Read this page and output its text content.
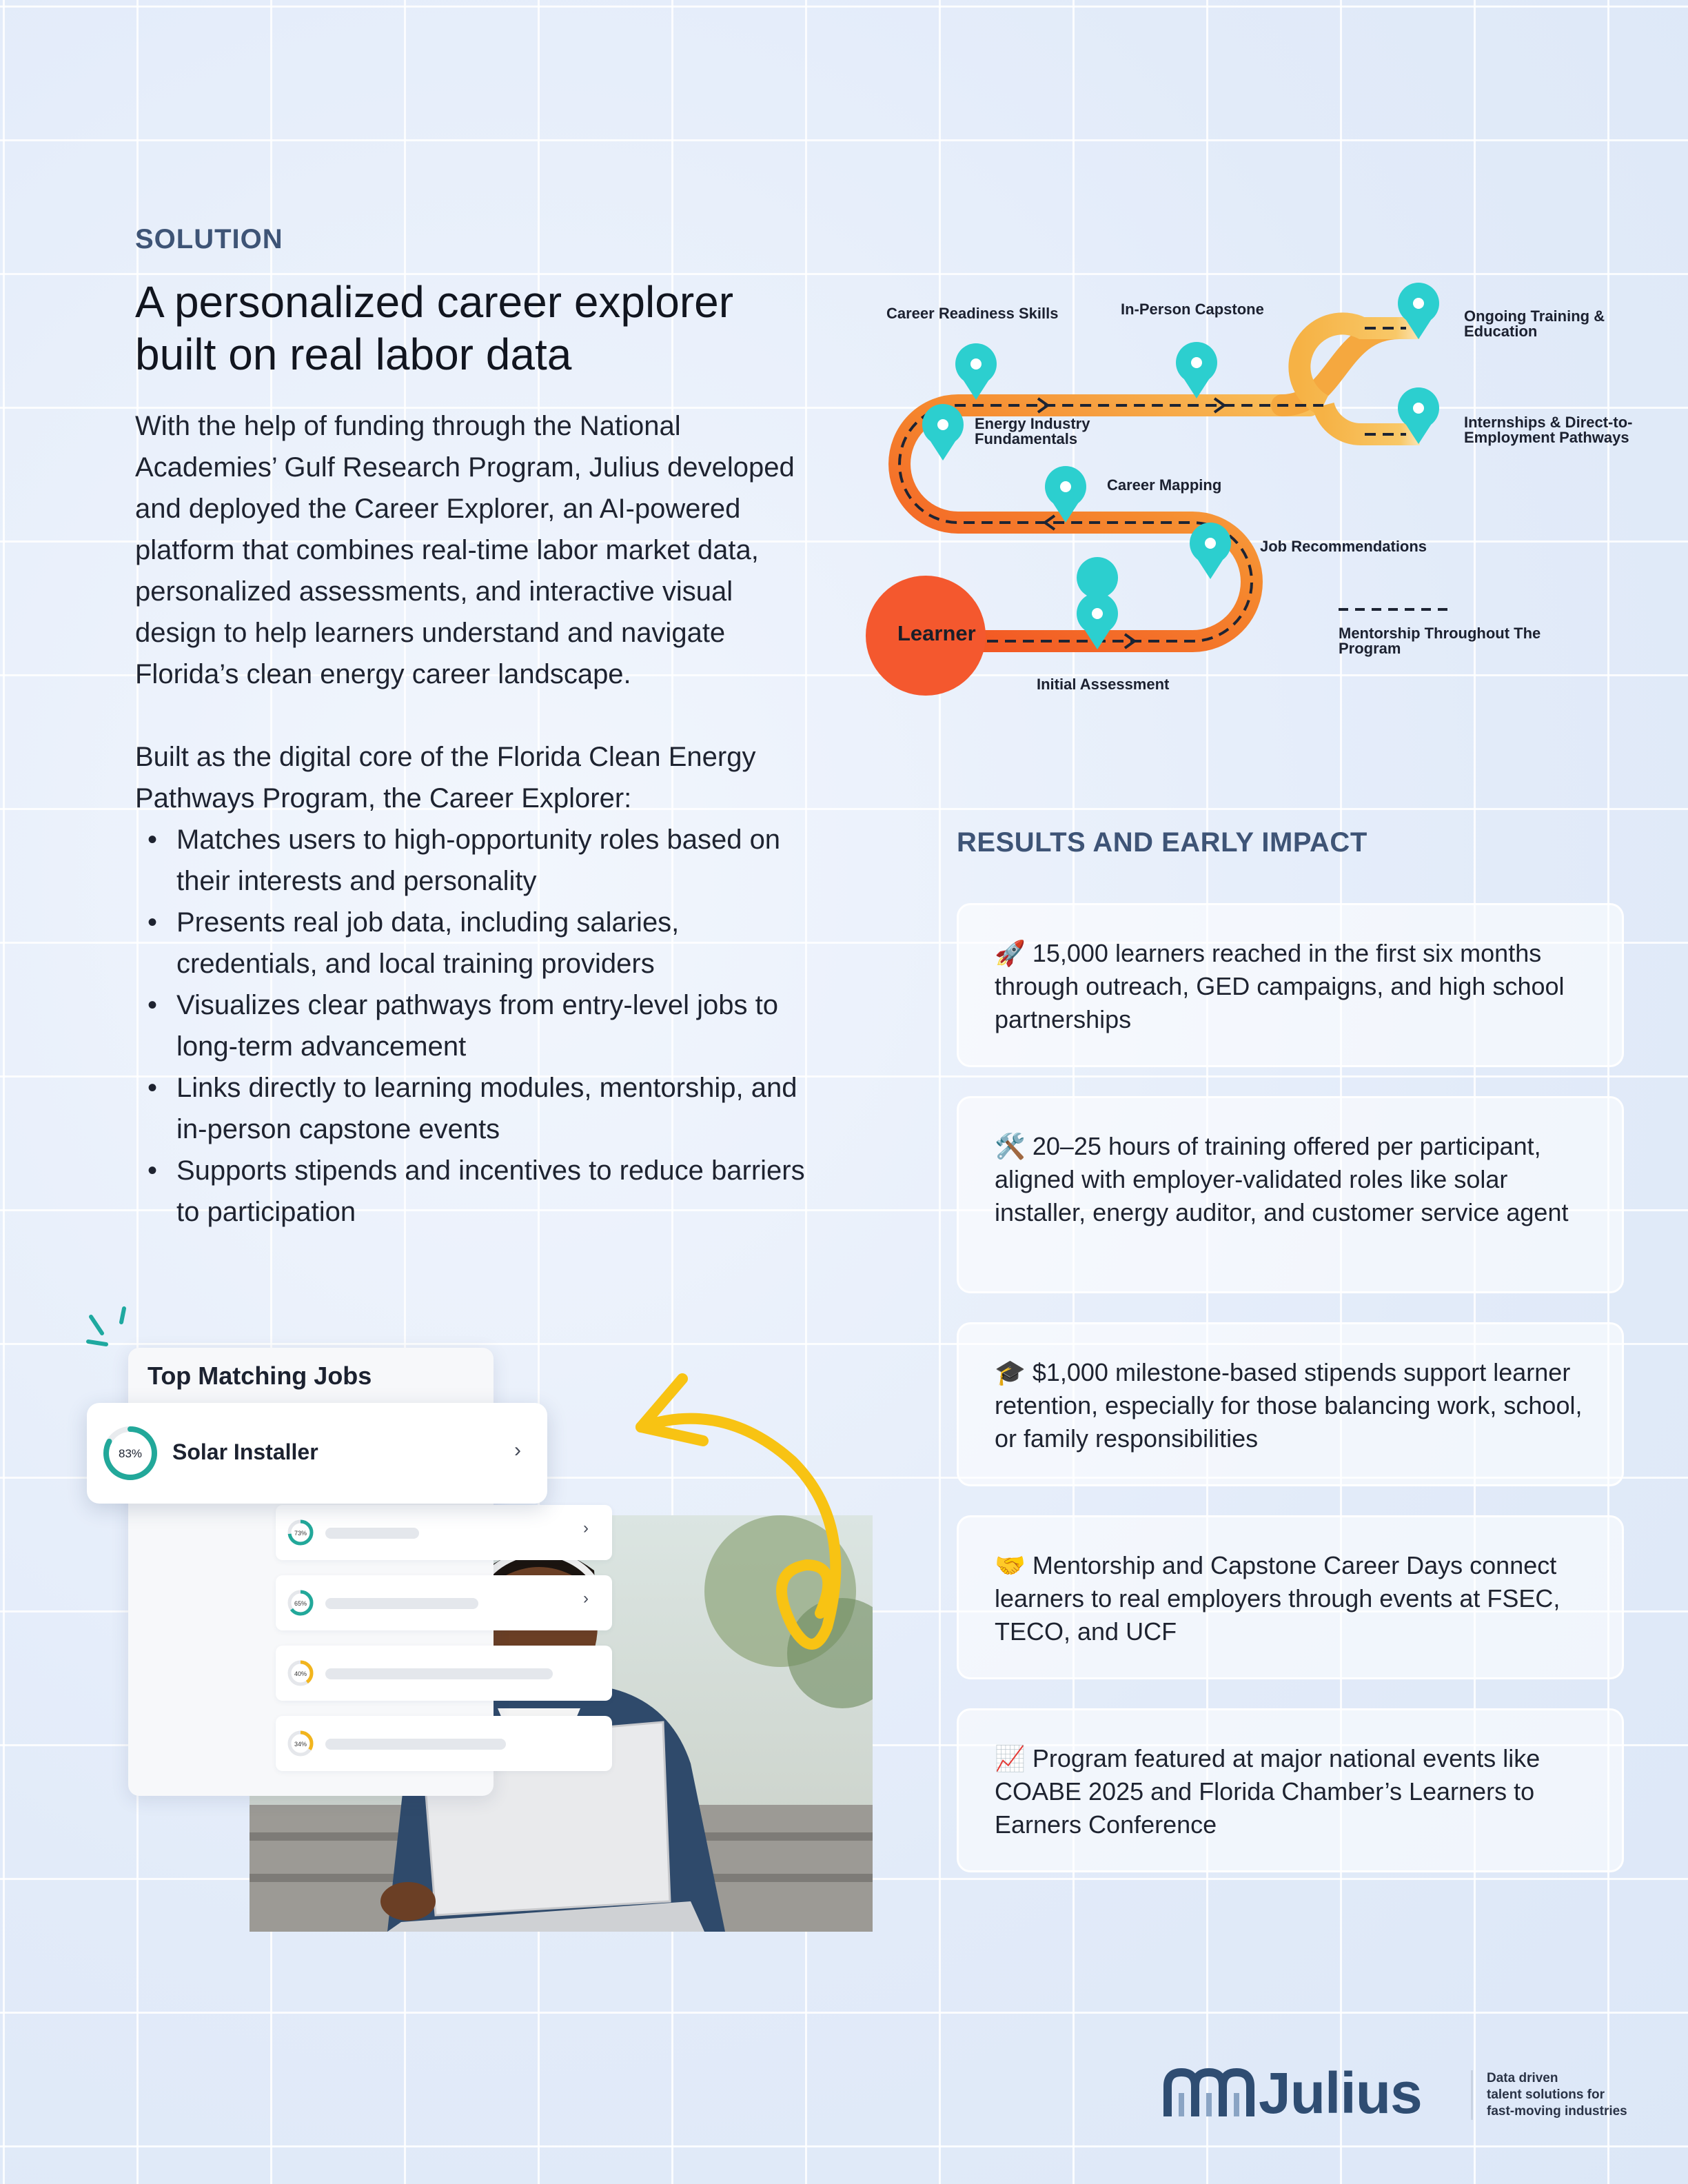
SOLUTION
A personalized career explorer built on real labor data

With the help of funding through the National Academies’ Gulf Research Program, Julius developed and deployed the Career Explorer, an AI-powered platform that combines real-time labor market data, personalized assessments, and interactive visual design to help learners understand and navigate Florida’s clean energy career landscape.

Built as the digital core of the Florida Clean Energy Pathways Program, the Career Explorer:

• Matches users to high-opportunity roles based on their interests and personality
• Presents real job data, including salaries, credentials, and local training providers
• Visualizes clear pathways from entry-level jobs to long-term advancement
• Links directly to learning modules, mentorship, and in-person capstone events
• Supports stipends and incentives to reduce barriers to participation
Learner
Initial Assessment
Job Recommendations
Career Mapping
Energy Industry Fundamentals
Career Readiness Skills	In-Person Capstone	Ongoing Training & Education
Internships & Direct-to-Employment Pathways
Mentorship Throughout The Program
RESULTS AND EARLY IMPACT
🚀 15,000 learners reached in the first six months through outreach, GED campaigns, and high school partnerships
🛠️ 20–25 hours of training offered per participant, aligned with employer-validated roles like solar installer, energy auditor, and customer service agent
🎓 $1,000 milestone-based stipends support learner retention, especially for those balancing work, school, or family responsibilities
🤝 Mentorship and Capstone Career Days connect learners to real employers through events at FSEC, TECO, and UCF
📈 Program featured at major national events like COABE 2025 and Florida Chamber’s Learners to Earners Conference
73%	›
65%	›
40%
34%
Top Matching Jobs
83%	›
Solar Installer
Julius	Data driven
talent solutions for
fast-moving industries
